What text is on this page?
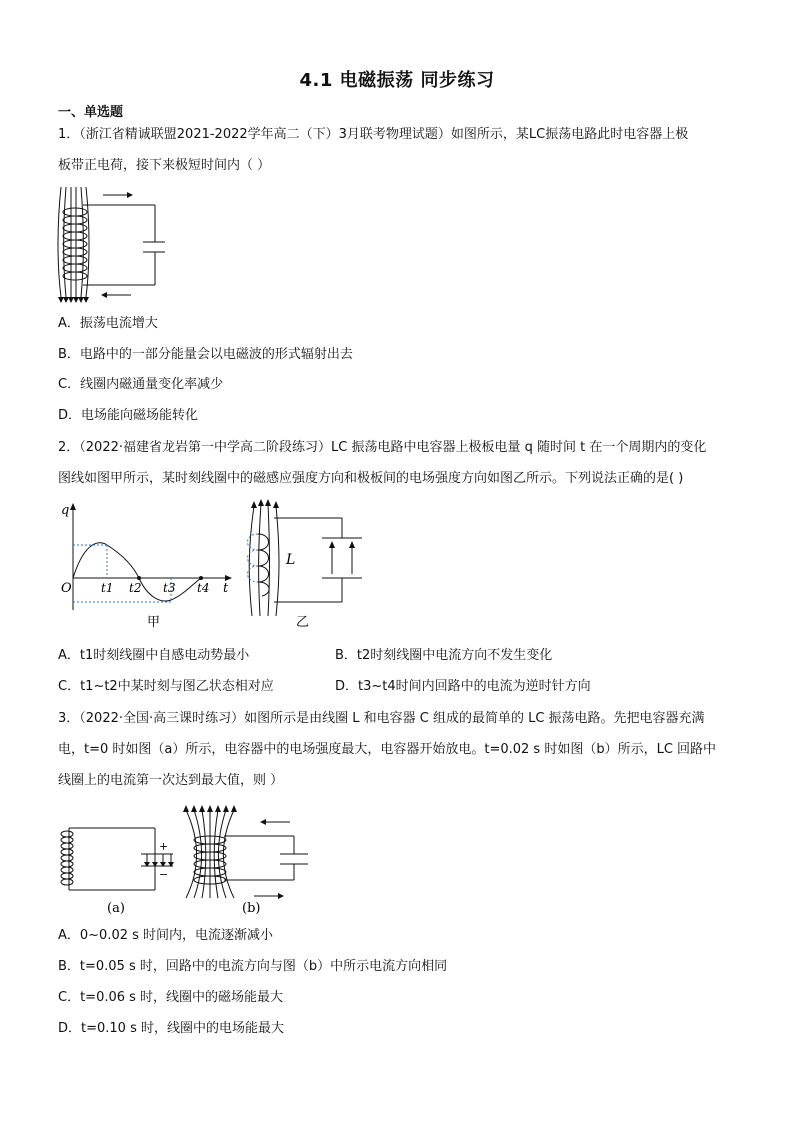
4.1 电磁振荡 同步练习
一、单选题
1．（浙江省精诚联盟2021-2022学年高二（下）3月联考物理试题）如图所示，某LC振荡电路此时电容器上极
板带正电荷，接下来极短时间内（ ）
A．振荡电流增大
B．电路中的一部分能量会以电磁波的形式辐射出去
C．线圈内磁通量变化率减少
D．电场能向磁场能转化
2．（2022·福建省龙岩第一中学高二阶段练习）LC 振荡电路中电容器上极板电量 q 随时间 t 在一个周期内的变化
图线如图甲所示，某时刻线圈中的磁感应强度方向和极板间的电场强度方向如图乙所示。下列说法正确的是( )
q
t
O t1 t2 t3 t4
甲
L
乙
A．t1时刻线圈中自感电动势最小	B．t2时刻线圈中电流方向不发生变化
C．t1~t2中某时刻与图乙状态相对应	D．t3~t4时间内回路中的电流为逆时针方向
3．（2022·全国·高三课时练习）如图所示是由线圈 L 和电容器 C 组成的最简单的 LC 振荡电路。先把电容器充满
电，t=0 时如图（a）所示，电容器中的电场强度最大，电容器开始放电。t=0.02 s 时如图（b）所示，LC 回路中
线圈上的电流第一次达到最大值，则 ）
+
−
(a)	(b)
A．0~0.02 s 时间内，电流逐渐减小
B．t=0.05 s 时，回路中的电流方向与图（b）中所示电流方向相同
C．t=0.06 s 时，线圈中的磁场能最大
D．t=0.10 s 时，线圈中的电场能最大
